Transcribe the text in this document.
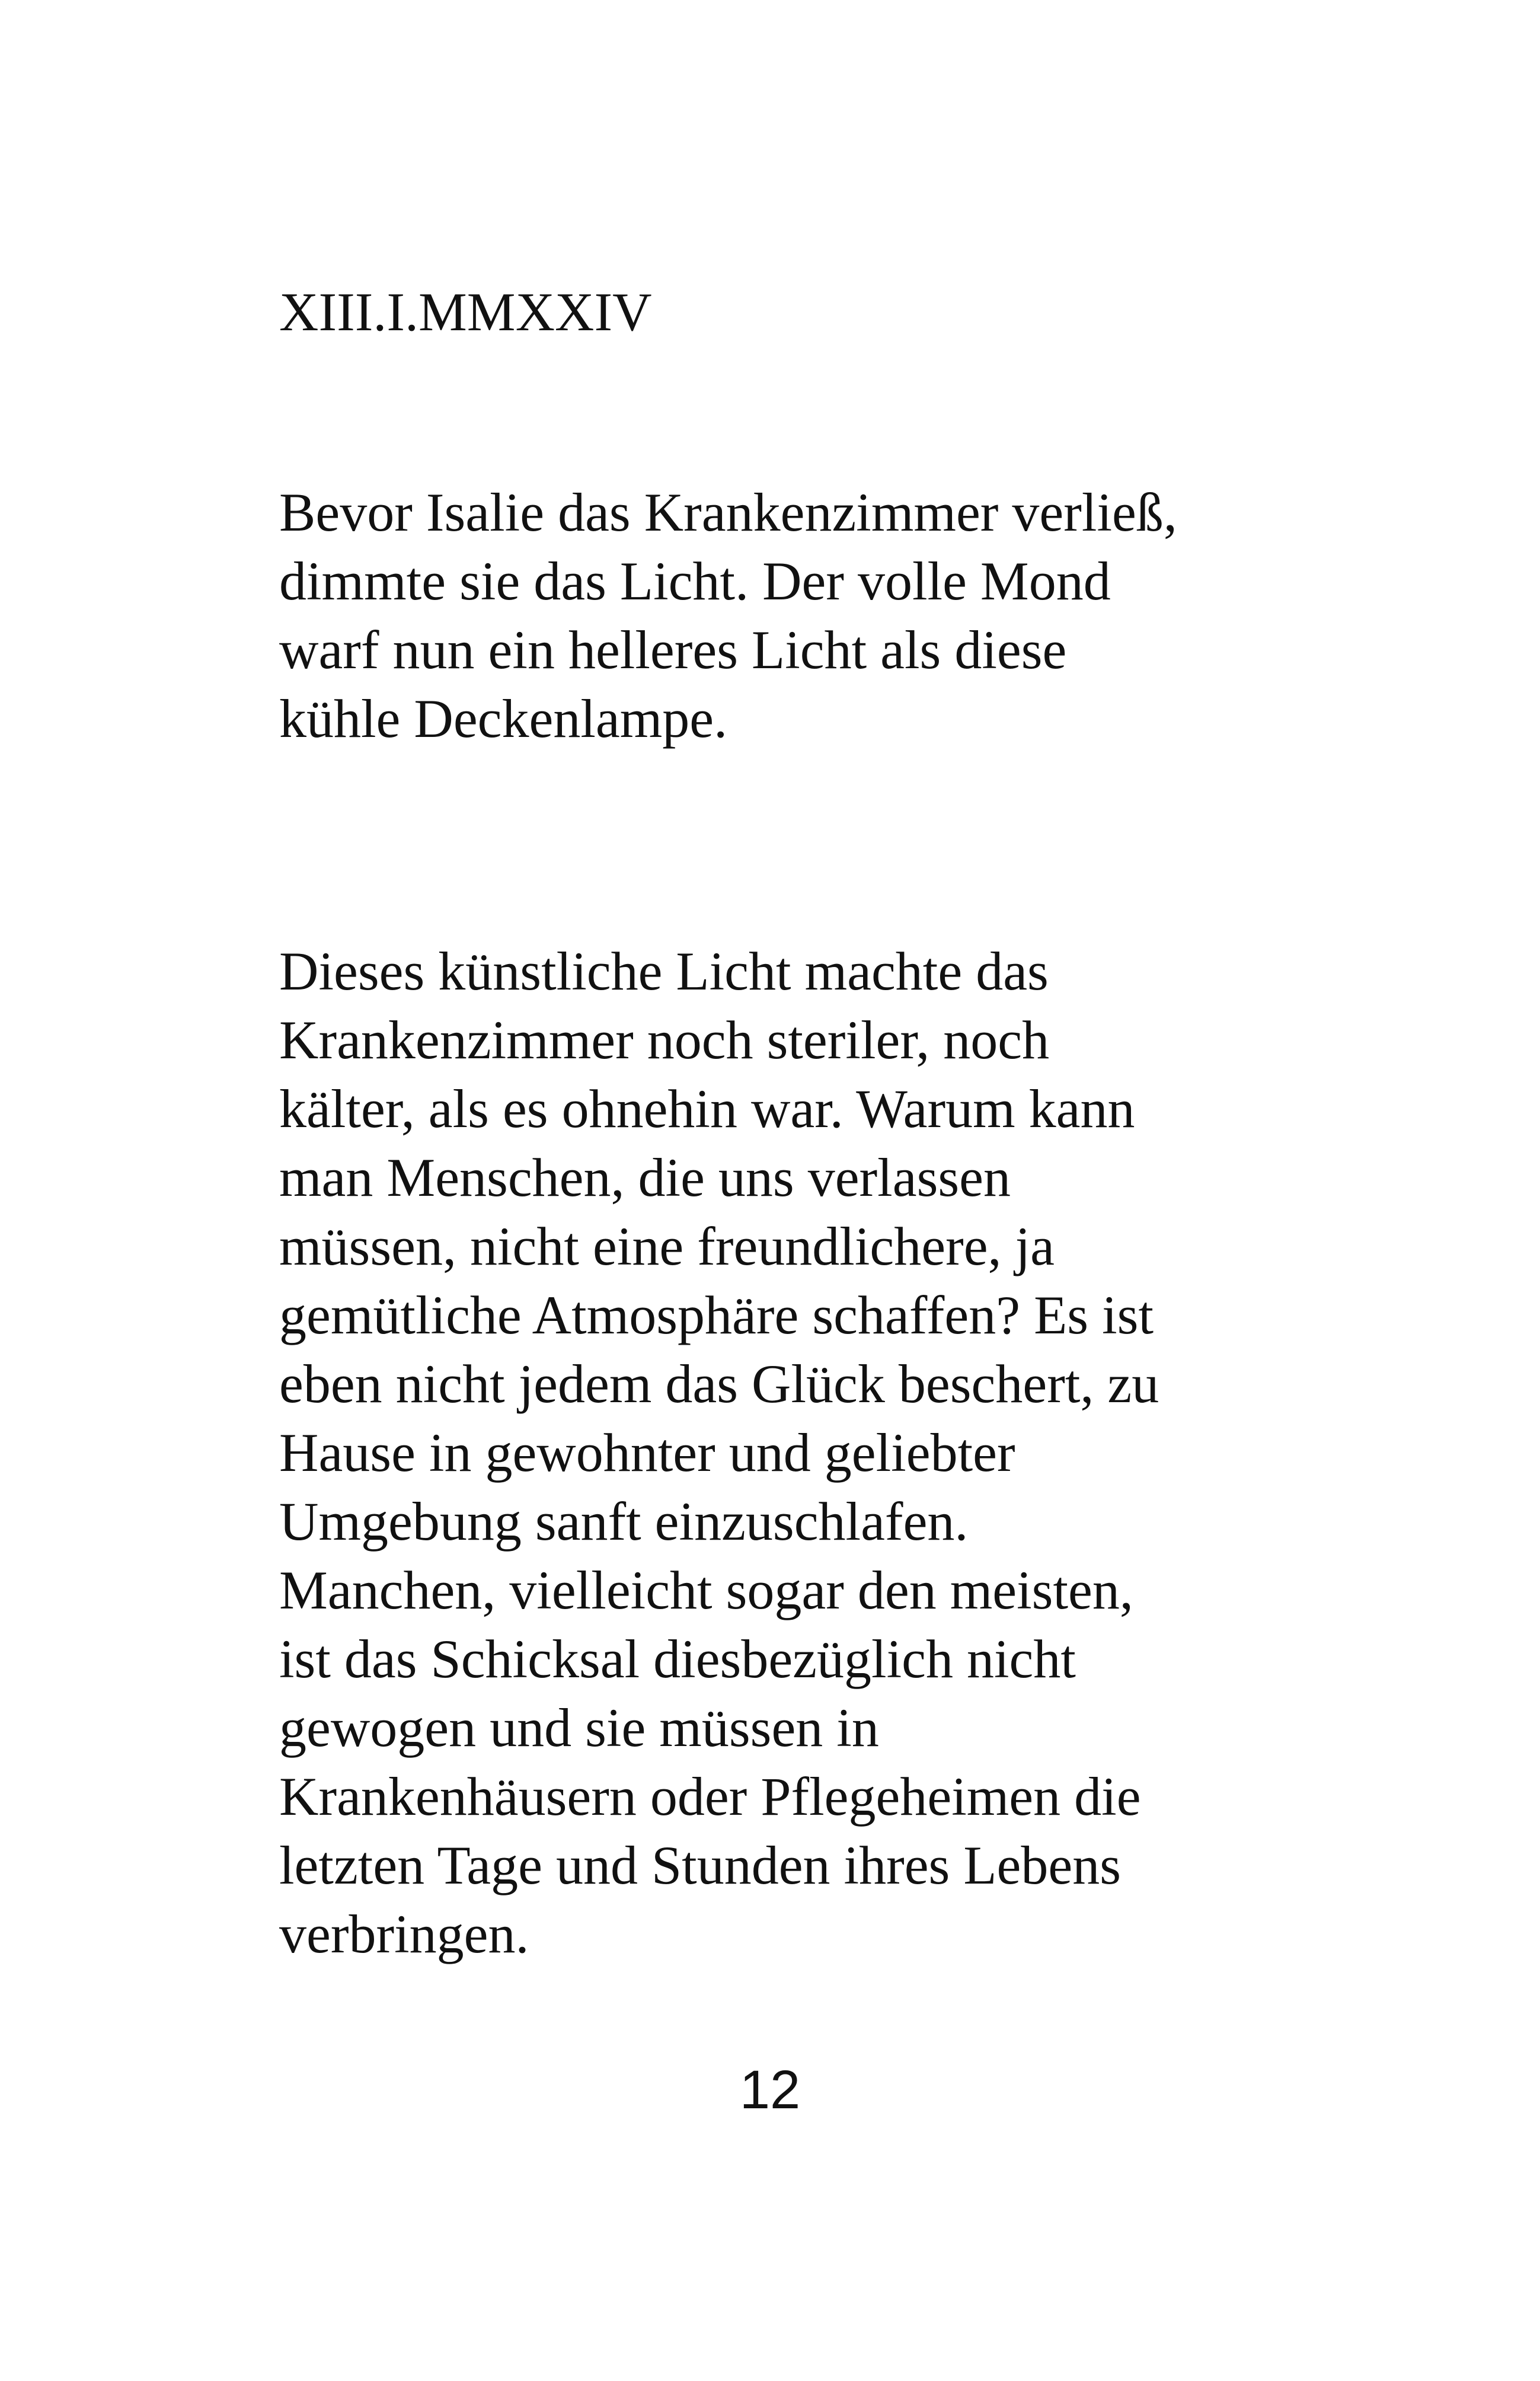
XIII.I.MMXXIV

Bevor Isalie das Krankenzimmer verließ,
dimmte sie das Licht. Der volle Mond
warf nun ein helleres Licht als diese
kühle Deckenlampe.

Dieses künstliche Licht machte das
Krankenzimmer noch steriler, noch
kälter, als es ohnehin war. Warum kann
man Menschen, die uns verlassen
müssen, nicht eine freundlichere, ja
gemütliche Atmosphäre schaffen? Es ist
eben nicht jedem das Glück beschert, zu
Hause in gewohnter und geliebter
Umgebung sanft einzuschlafen.
Manchen, vielleicht sogar den meisten,
ist das Schicksal diesbezüglich nicht
gewogen und sie müssen in
Krankenhäusern oder Pflegeheimen die
letzten Tage und Stunden ihres Lebens
verbringen.

12
